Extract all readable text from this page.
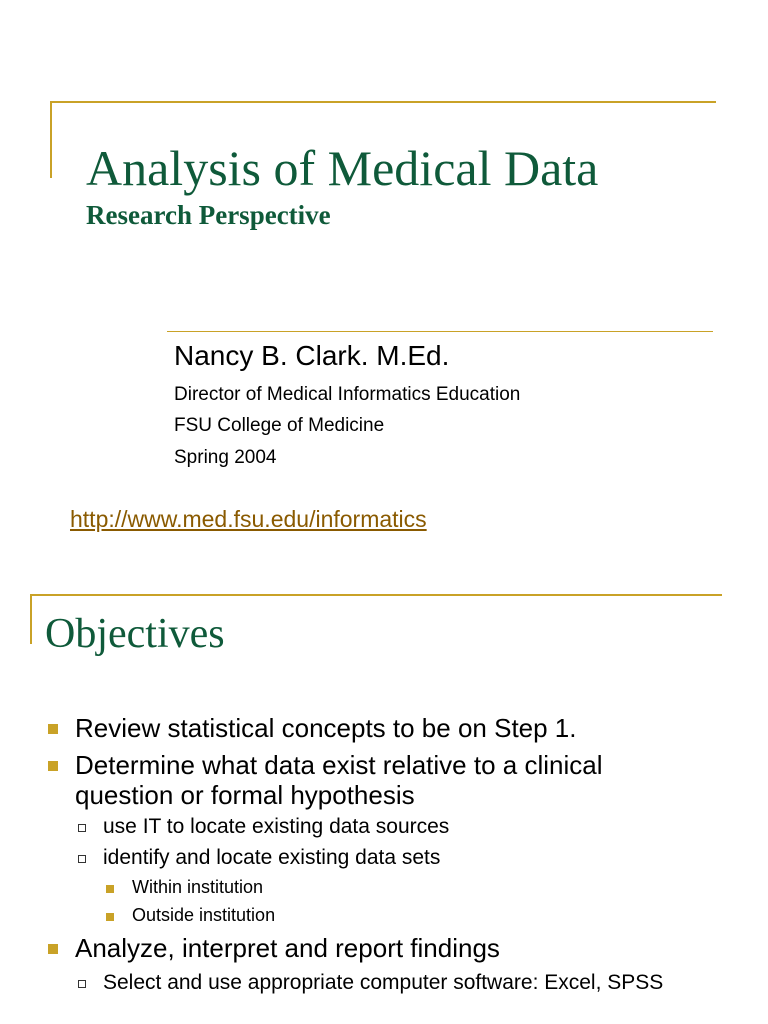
Analysis of Medical Data
Research Perspective
Nancy B. Clark. M.Ed.
Director of Medical Informatics Education
FSU College of Medicine
Spring 2004
http://www.med.fsu.edu/informatics
Objectives
Review statistical concepts to be on Step 1.
Determine what data exist relative to a clinical question or formal hypothesis
use IT to locate existing data sources
identify and locate existing data sets
Within institution
Outside institution
Analyze, interpret and report findings
Select and use appropriate computer software: Excel, SPSS
